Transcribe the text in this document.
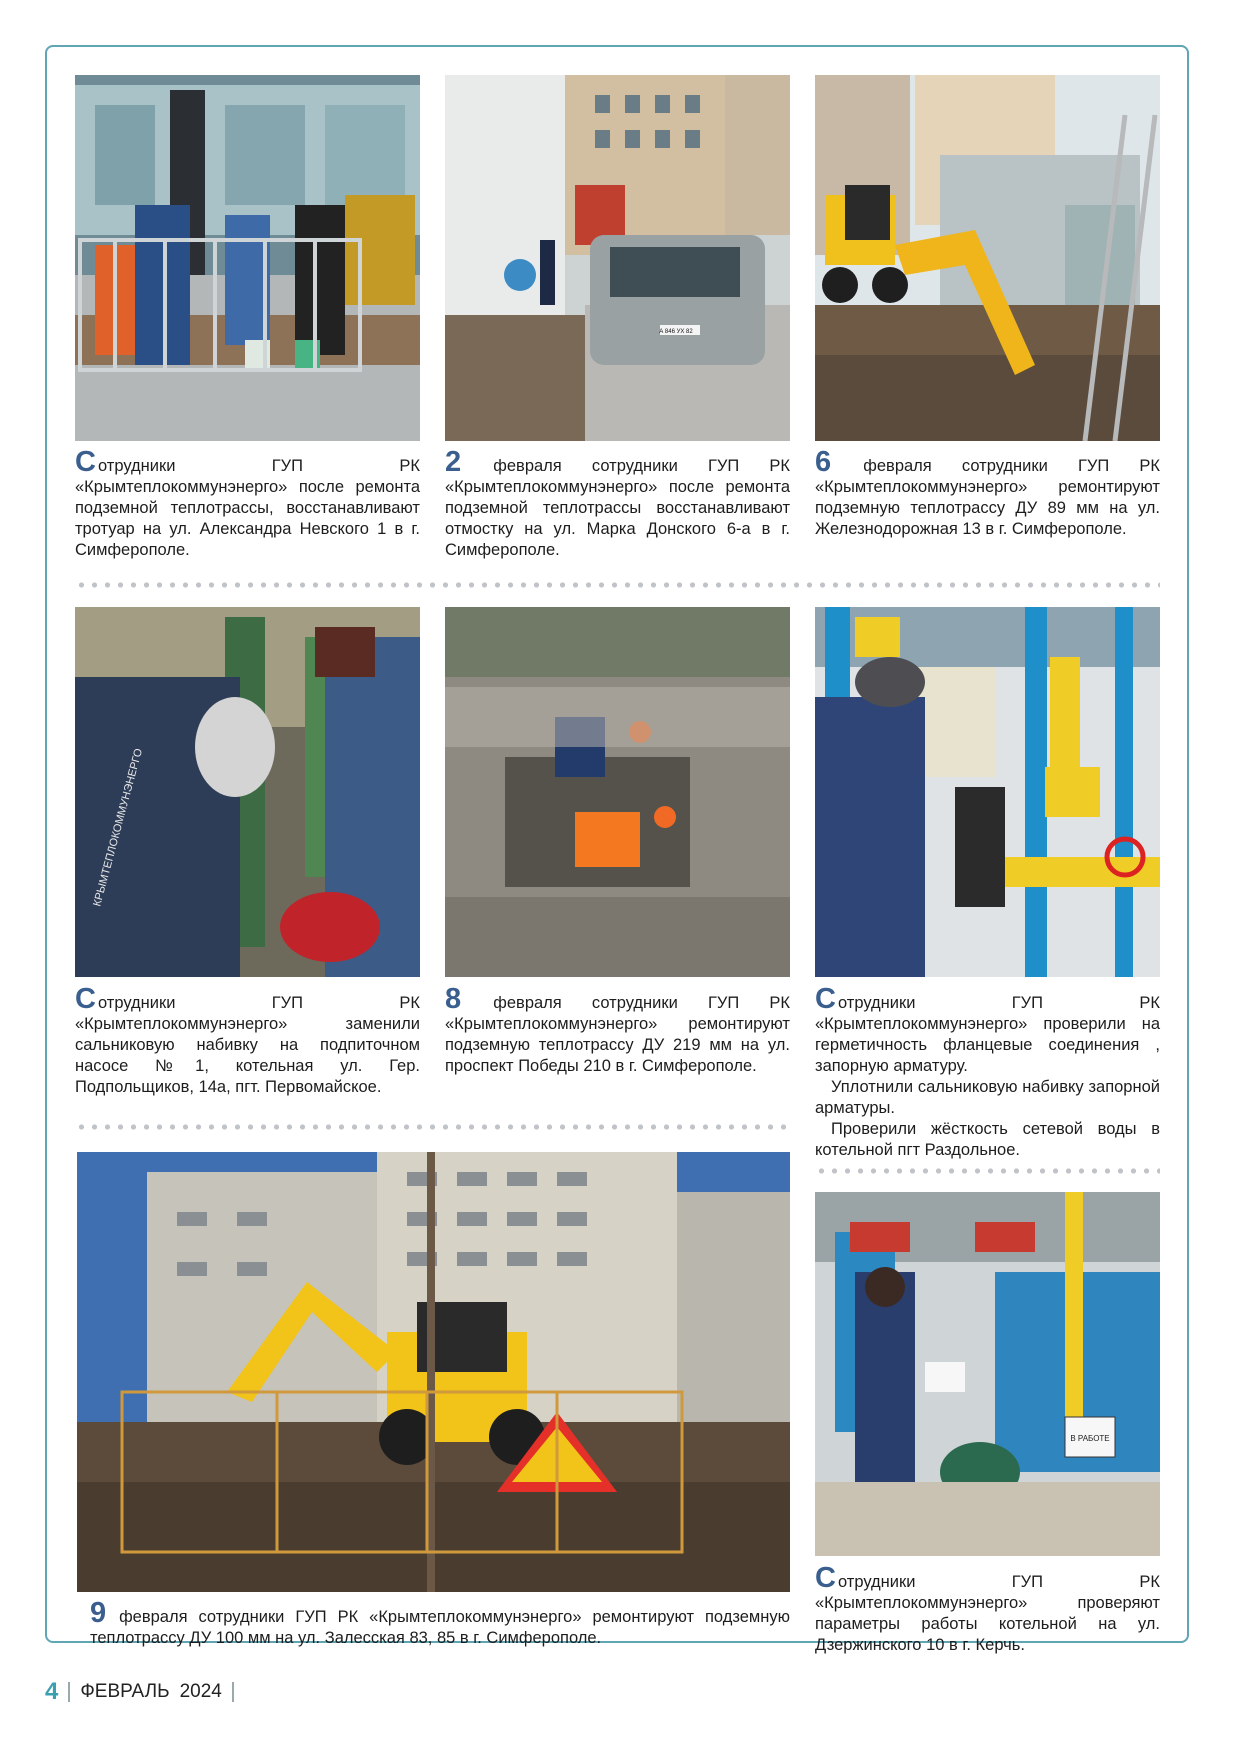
Сотрудники ГУП РК «Крымтеплокоммунэнерго» после ремонта подземной теплотрассы, восстанавливают тротуар на ул. Александра Невского 1 в г. Симферополе.

2 февраля сотрудники ГУП РК «Крымтеплокоммунэнерго» после ремонта подземной теплотрассы восстанавливают отмостку на ул. Марка Донского 6-а в г. Симферополе.

6 февраля сотрудники ГУП РК «Крымтеплокоммунэнерго» ремонтируют подземную теплотрассу ДУ 89 мм на ул. Железнодорожная 13 в г. Симферополе.

КРЫМТЕПЛОКОММУНЭНЕРГО

Сотрудники ГУП РК «Крымтеплокоммунэнерго» заменили сальниковую набивку на подпиточном насосе №1, котельная ул. Гер. Подпольщиков, 14а, пгт. Первомайское.

8 февраля сотрудники ГУП РК «Крымтеплокоммунэнерго» ремонтируют подземную теплотрассу ДУ 219 мм на ул. проспект Победы 210 в г. Симферополе.

Сотрудники ГУП РК «Крымтеплокоммунэнерго» проверили на герметичность фланцевые соединения , запорную арматуру.

Уплотнили сальниковую набивку запорной арматуры.

Проверили жёсткость сетевой воды в котельной пгт Раздольное.

9 февраля сотрудники ГУП РК «Крымтеплокоммунэнерго» ремонтируют подземную теплотрассу ДУ 100 мм на ул. Залесская 83, 85 в г. Симферополе.

В РАБОТЕ

Сотрудники ГУП РК «Крымтеплокоммунэнерго» проверяют параметры работы котельной на ул. Дзержинского 10 в г. Керчь.

4 ФЕВРАЛЬ 2024
А 846 УХ 82
